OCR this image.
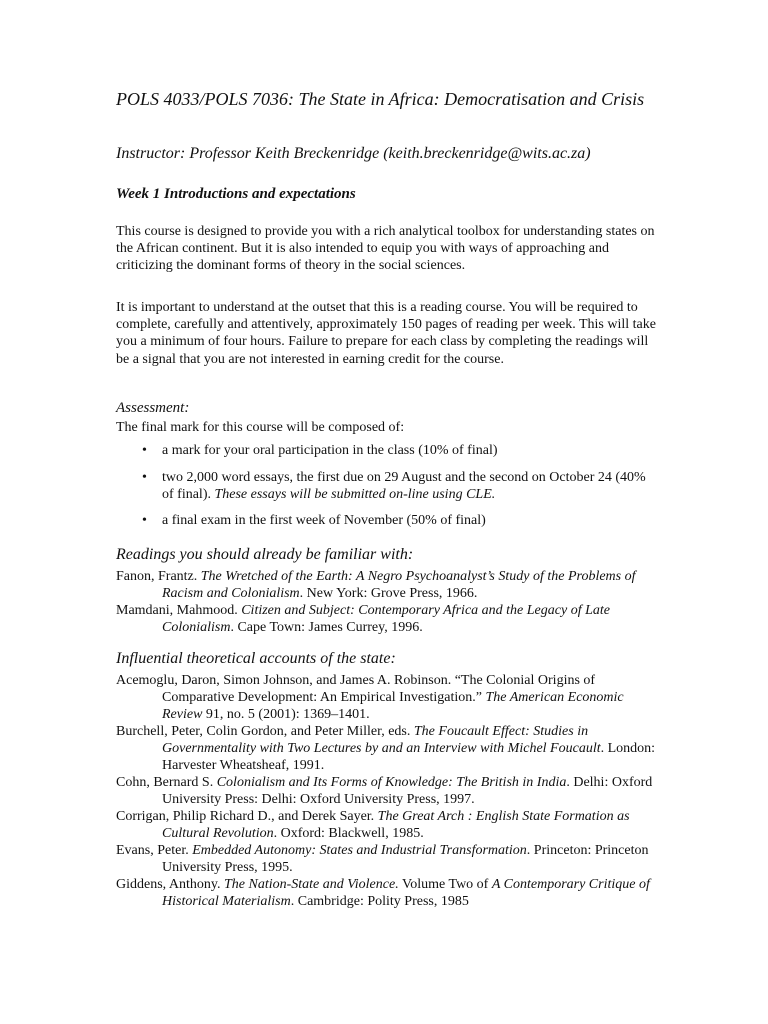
POLS 4033/POLS 7036: The State in Africa: Democratisation and Crisis
Instructor: Professor Keith Breckenridge (keith.breckenridge@wits.ac.za)
Week 1 Introductions and expectations
This course is designed to provide you with a rich analytical toolbox for understanding states on the African continent. But it is also intended to equip you with ways of approaching and criticizing the dominant forms of theory in the social sciences.
It is important to understand at the outset that this is a reading course. You will be required to complete, carefully and attentively, approximately 150 pages of reading per week. This will take you a minimum of four hours. Failure to prepare for each class by completing the readings will be a signal that you are not interested in earning credit for the course.
Assessment:
The final mark for this course will be composed of:
• a mark for your oral participation in the class (10% of final)
• two 2,000 word essays, the first due on 29 August and the second on October 24 (40% of final). These essays will be submitted on-line using CLE.
• a final exam in the first week of November (50% of final)
Readings you should already be familiar with:
Fanon, Frantz. The Wretched of the Earth: A Negro Psychoanalyst’s Study of the Problems of Racism and Colonialism. New York: Grove Press, 1966.
Mamdani, Mahmood. Citizen and Subject: Contemporary Africa and the Legacy of Late Colonialism. Cape Town: James Currey, 1996.
Influential theoretical accounts of the state:
Acemoglu, Daron, Simon Johnson, and James A. Robinson. “The Colonial Origins of Comparative Development: An Empirical Investigation.” The American Economic Review 91, no. 5 (2001): 1369–1401.
Burchell, Peter, Colin Gordon, and Peter Miller, eds. The Foucault Effect: Studies in Governmentality with Two Lectures by and an Interview with Michel Foucault. London: Harvester Wheatsheaf, 1991.
Cohn, Bernard S. Colonialism and Its Forms of Knowledge: The British in India. Delhi: Oxford University Press: Delhi: Oxford University Press, 1997.
Corrigan, Philip Richard D., and Derek Sayer. The Great Arch : English State Formation as Cultural Revolution. Oxford: Blackwell, 1985.
Evans, Peter. Embedded Autonomy: States and Industrial Transformation. Princeton: Princeton University Press, 1995.
Giddens, Anthony. The Nation-State and Violence. Volume Two of A Contemporary Critique of Historical Materialism. Cambridge: Polity Press, 1985
